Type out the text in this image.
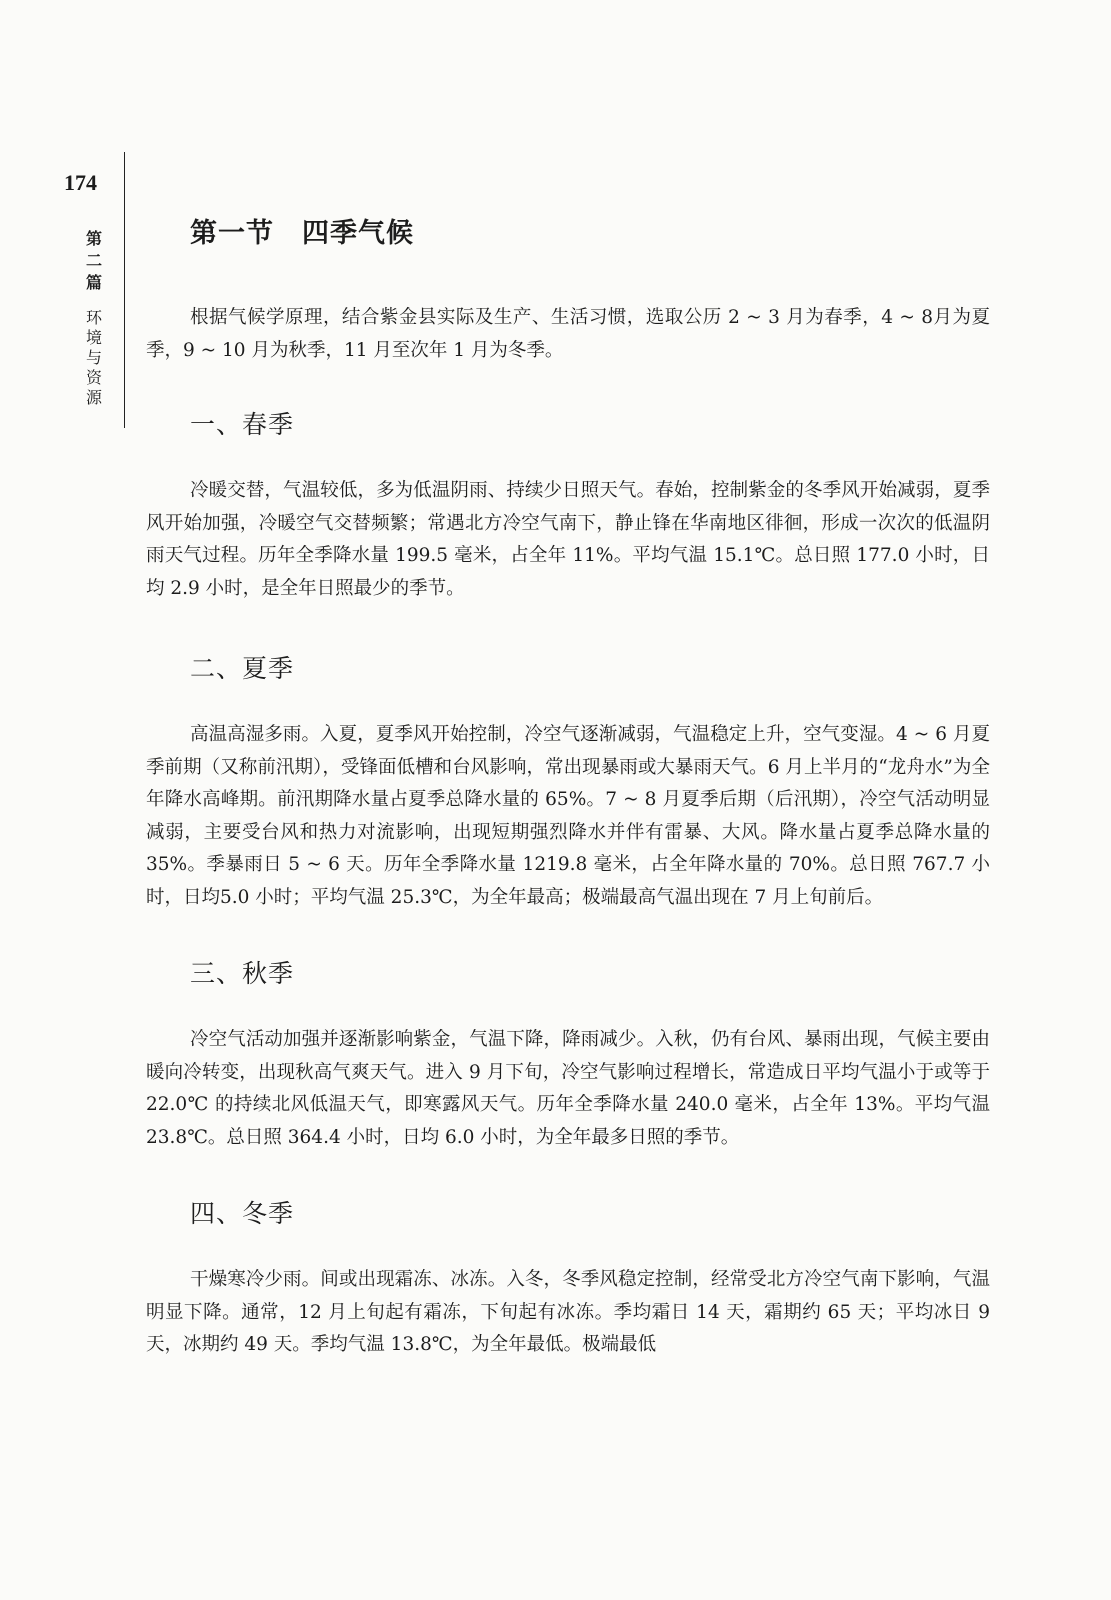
174
第二篇
环境与资源
第一节 四季气候

根据气候学原理，结合紫金县实际及生产、生活习惯，选取公历 2 ~ 3 月为春季，4 ~ 8月为夏季，9 ~ 10 月为秋季，11 月至次年 1 月为冬季。

一、春季

冷暖交替，气温较低，多为低温阴雨、持续少日照天气。春始，控制紫金的冬季风开始减弱，夏季风开始加强，冷暖空气交替频繁；常遇北方冷空气南下，静止锋在华南地区徘徊，形成一次次的低温阴雨天气过程。历年全季降水量 199.5 毫米，占全年 11%。平均气温 15.1℃。总日照 177.0 小时，日均 2.9 小时，是全年日照最少的季节。

二、夏季

高温高湿多雨。入夏，夏季风开始控制，冷空气逐渐减弱，气温稳定上升，空气变湿。4 ~ 6 月夏季前期（又称前汛期），受锋面低槽和台风影响，常出现暴雨或大暴雨天气。6 月上半月的“龙舟水”为全年降水高峰期。前汛期降水量占夏季总降水量的 65%。7 ~ 8 月夏季后期（后汛期），冷空气活动明显减弱，主要受台风和热力对流影响，出现短期强烈降水并伴有雷暴、大风。降水量占夏季总降水量的 35%。季暴雨日 5 ~ 6 天。历年全季降水量 1219.8 毫米，占全年降水量的 70%。总日照 767.7 小时，日均5.0 小时；平均气温 25.3℃，为全年最高；极端最高气温出现在 7 月上旬前后。

三、秋季

冷空气活动加强并逐渐影响紫金，气温下降，降雨减少。入秋，仍有台风、暴雨出现，气候主要由暖向冷转变，出现秋高气爽天气。进入 9 月下旬，冷空气影响过程增长，常造成日平均气温小于或等于 22.0℃ 的持续北风低温天气，即寒露风天气。历年全季降水量 240.0 毫米，占全年 13%。平均气温 23.8℃。总日照 364.4 小时，日均 6.0 小时，为全年最多日照的季节。

四、冬季

干燥寒冷少雨。间或出现霜冻、冰冻。入冬，冬季风稳定控制，经常受北方冷空气南下影响，气温明显下降。通常，12 月上旬起有霜冻，下旬起有冰冻。季均霜日 14 天，霜期约 65 天；平均冰日 9 天，冰期约 49 天。季均气温 13.8℃，为全年最低。极端最低
